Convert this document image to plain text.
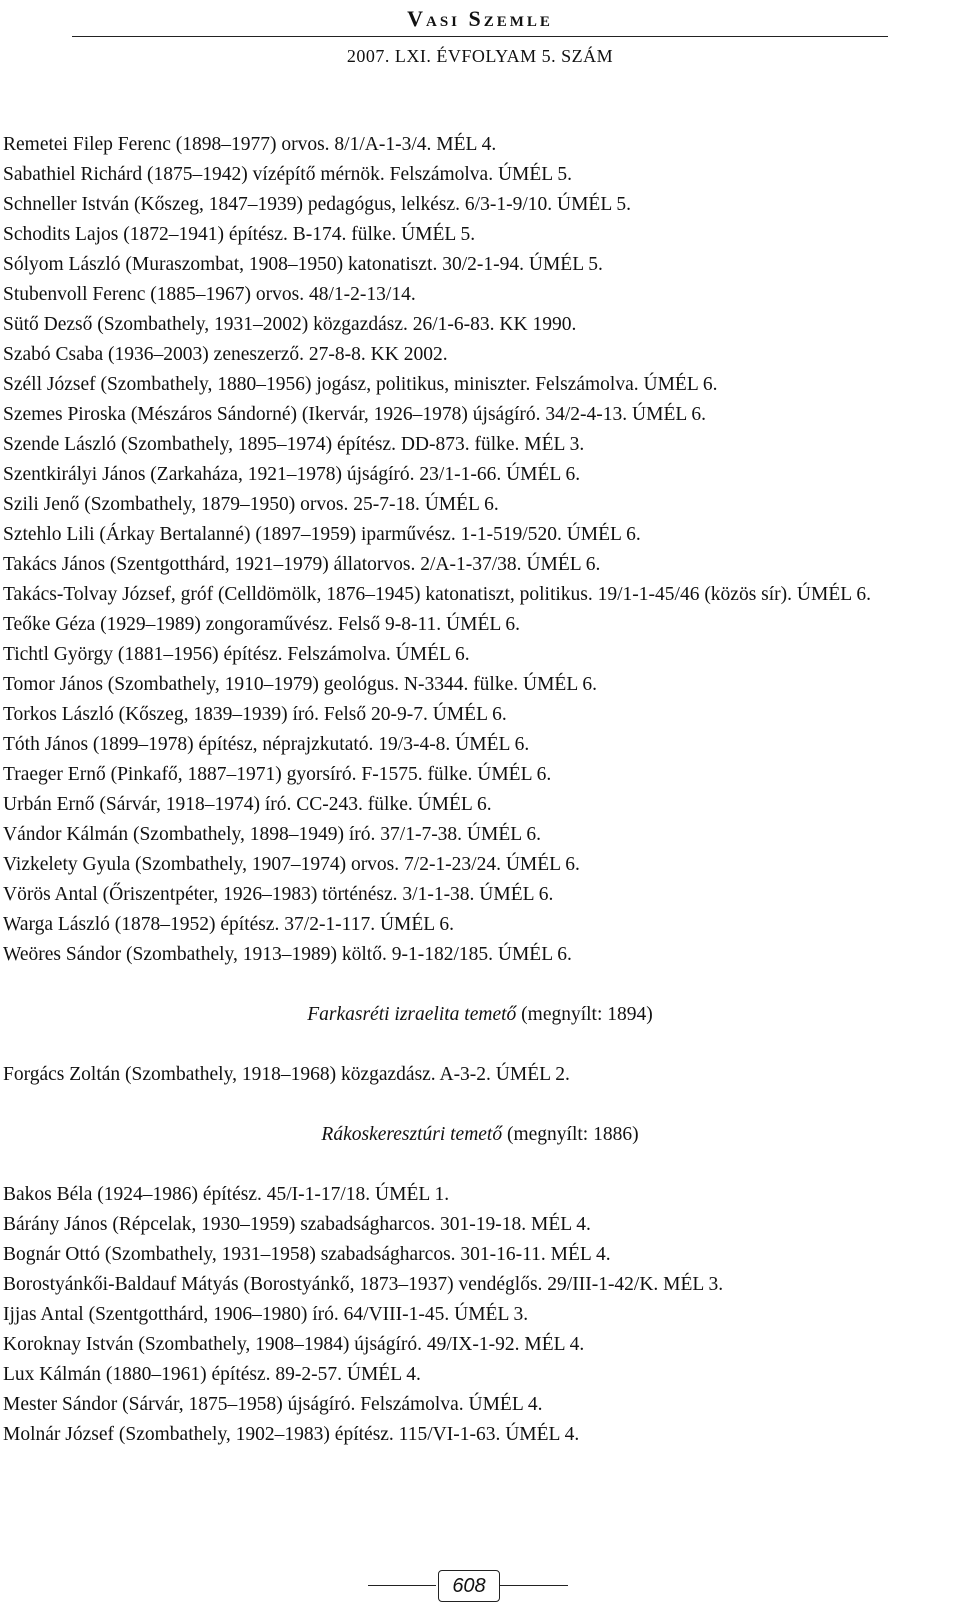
Vasi Szemle
2007. LXI. ÉVFOLYAM 5. SZÁM

Remetei Filep Ferenc (1898–1977) orvos. 8/1/A-1-3/4. MÉL 4.

Sabathiel Richárd (1875–1942) vízépítő mérnök. Felszámolva. ÚMÉL 5.

Schneller István (Kőszeg, 1847–1939) pedagógus, lelkész. 6/3-1-9/10. ÚMÉL 5.

Schodits Lajos (1872–1941) építész. B-174. fülke. ÚMÉL 5.

Sólyom László (Muraszombat, 1908–1950) katonatiszt. 30/2-1-94. ÚMÉL 5.

Stubenvoll Ferenc (1885–1967) orvos. 48/1-2-13/14.

Sütő Dezső (Szombathely, 1931–2002) közgazdász. 26/1-6-83. KK 1990.

Szabó Csaba (1936–2003) zeneszerző. 27-8-8. KK 2002.

Széll József (Szombathely, 1880–1956) jogász, politikus, miniszter. Felszámolva. ÚMÉL 6.

Szemes Piroska (Mészáros Sándorné) (Ikervár, 1926–1978) újságíró. 34/2-4-13. ÚMÉL 6.

Szende László (Szombathely, 1895–1974) építész. DD-873. fülke. MÉL 3.

Szentkirályi János (Zarkaháza, 1921–1978) újságíró. 23/1-1-66. ÚMÉL 6.

Szili Jenő (Szombathely, 1879–1950) orvos. 25-7-18. ÚMÉL 6.

Sztehlo Lili (Árkay Bertalanné) (1897–1959) iparművész. 1-1-519/520. ÚMÉL 6.

Takács János (Szentgotthárd, 1921–1979) állatorvos. 2/A-1-37/38. ÚMÉL 6.

Takács-Tolvay József, gróf (Celldömölk, 1876–1945) katonatiszt, politikus. 19/1-1-45/46 (közös sír). ÚMÉL 6.

Teőke Géza (1929–1989) zongoraművész. Felső 9-8-11. ÚMÉL 6.

Tichtl György (1881–1956) építész. Felszámolva. ÚMÉL 6.

Tomor János (Szombathely, 1910–1979) geológus. N-3344. fülke. ÚMÉL 6.

Torkos László (Kőszeg, 1839–1939) író. Felső 20-9-7. ÚMÉL 6.

Tóth János (1899–1978) építész, néprajzkutató. 19/3-4-8. ÚMÉL 6.

Traeger Ernő (Pinkafő, 1887–1971) gyorsíró. F-1575. fülke. ÚMÉL 6.

Urbán Ernő (Sárvár, 1918–1974) író. CC-243. fülke. ÚMÉL 6.

Vándor Kálmán (Szombathely, 1898–1949) író. 37/1-7-38. ÚMÉL 6.

Vizkelety Gyula (Szombathely, 1907–1974) orvos. 7/2-1-23/24. ÚMÉL 6.

Vörös Antal (Őriszentpéter, 1926–1983) történész. 3/1-1-38. ÚMÉL 6.

Warga László (1878–1952) építész. 37/2-1-117. ÚMÉL 6.

Weöres Sándor (Szombathely, 1913–1989) költő. 9-1-182/185. ÚMÉL 6.

Farkasréti izraelita temető (megnyílt: 1894)

Forgács Zoltán (Szombathely, 1918–1968) közgazdász. A-3-2. ÚMÉL 2.

Rákoskeresztúri temető (megnyílt: 1886)

Bakos Béla (1924–1986) építész. 45/I-1-17/18. ÚMÉL 1.

Bárány János (Répcelak, 1930–1959) szabadságharcos. 301-19-18. MÉL 4.

Bognár Ottó (Szombathely, 1931–1958) szabadságharcos. 301-16-11. MÉL 4.

Borostyánkői-Baldauf Mátyás (Borostyánkő, 1873–1937) vendéglős. 29/III-1-42/K. MÉL 3.

Ijjas Antal (Szentgotthárd, 1906–1980) író. 64/VIII-1-45. ÚMÉL 3.

Koroknay István (Szombathely, 1908–1984) újságíró. 49/IX-1-92. MÉL 4.

Lux Kálmán (1880–1961) építész. 89-2-57. ÚMÉL 4.

Mester Sándor (Sárvár, 1875–1958) újságíró. Felszámolva. ÚMÉL 4.

Molnár József (Szombathely, 1902–1983) építész. 115/VI-1-63. ÚMÉL 4.

608
